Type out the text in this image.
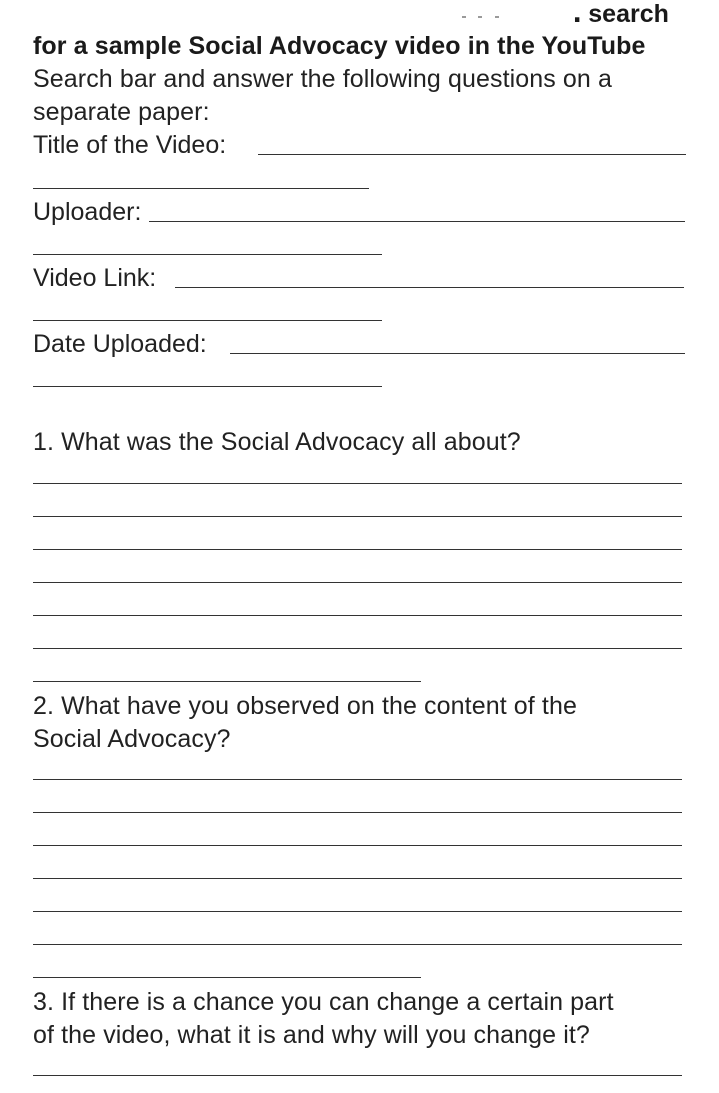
․ search
for a sample Social Advocacy video in the YouTube
Search bar and answer the following questions on a
separate paper:
Title of the Video:
Uploader:
Video Link:
Date Uploaded:
1. What was the Social Advocacy all about?
2. What have you observed on the content of the
Social Advocacy?
3. If there is a chance you can change a certain part
of the video, what it is and why will you change it?
